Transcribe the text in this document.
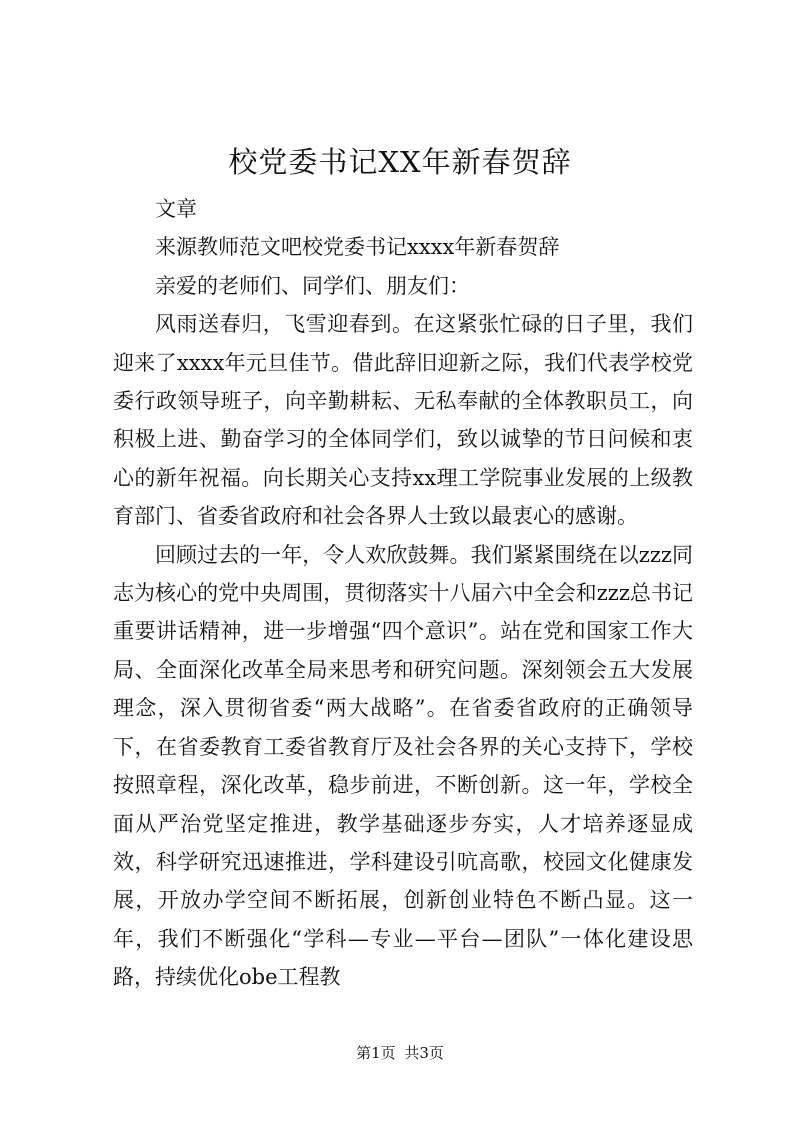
校党委书记XX年新春贺辞

文章

来源教师范文吧校党委书记xxxx年新春贺辞

亲爱的老师们、同学们、朋友们：

风雨送春归，飞雪迎春到。在这紧张忙碌的日子里，我们迎来了xxxx年元旦佳节。借此辞旧迎新之际，我们代表学校党委行政领导班子，向辛勤耕耘、无私奉献的全体教职员工，向积极上进、勤奋学习的全体同学们，致以诚挚的节日问候和衷心的新年祝福。向长期关心支持xx理工学院事业发展的上级教育部门、省委省政府和社会各界人士致以最衷心的感谢。

回顾过去的一年，令人欢欣鼓舞。我们紧紧围绕在以zzz同志为核心的党中央周围，贯彻落实十八届六中全会和zzz总书记重要讲话精神，进一步增强“四个意识”。站在党和国家工作大局、全面深化改革全局来思考和研究问题。深刻领会五大发展理念，深入贯彻省委“两大战略”。在省委省政府的正确领导下，在省委教育工委省教育厅及社会各界的关心支持下，学校按照章程，深化改革，稳步前进，不断创新。这一年，学校全面从严治党坚定推进，教学基础逐步夯实，人才培养逐显成效，科学研究迅速推进，学科建设引吭高歌，校园文化健康发展，开放办学空间不断拓展，创新创业特色不断凸显。这一年，我们不断强化“学科—专业—平台—团队”一体化建设思路，持续优化obe工程教

第1页 共3页
